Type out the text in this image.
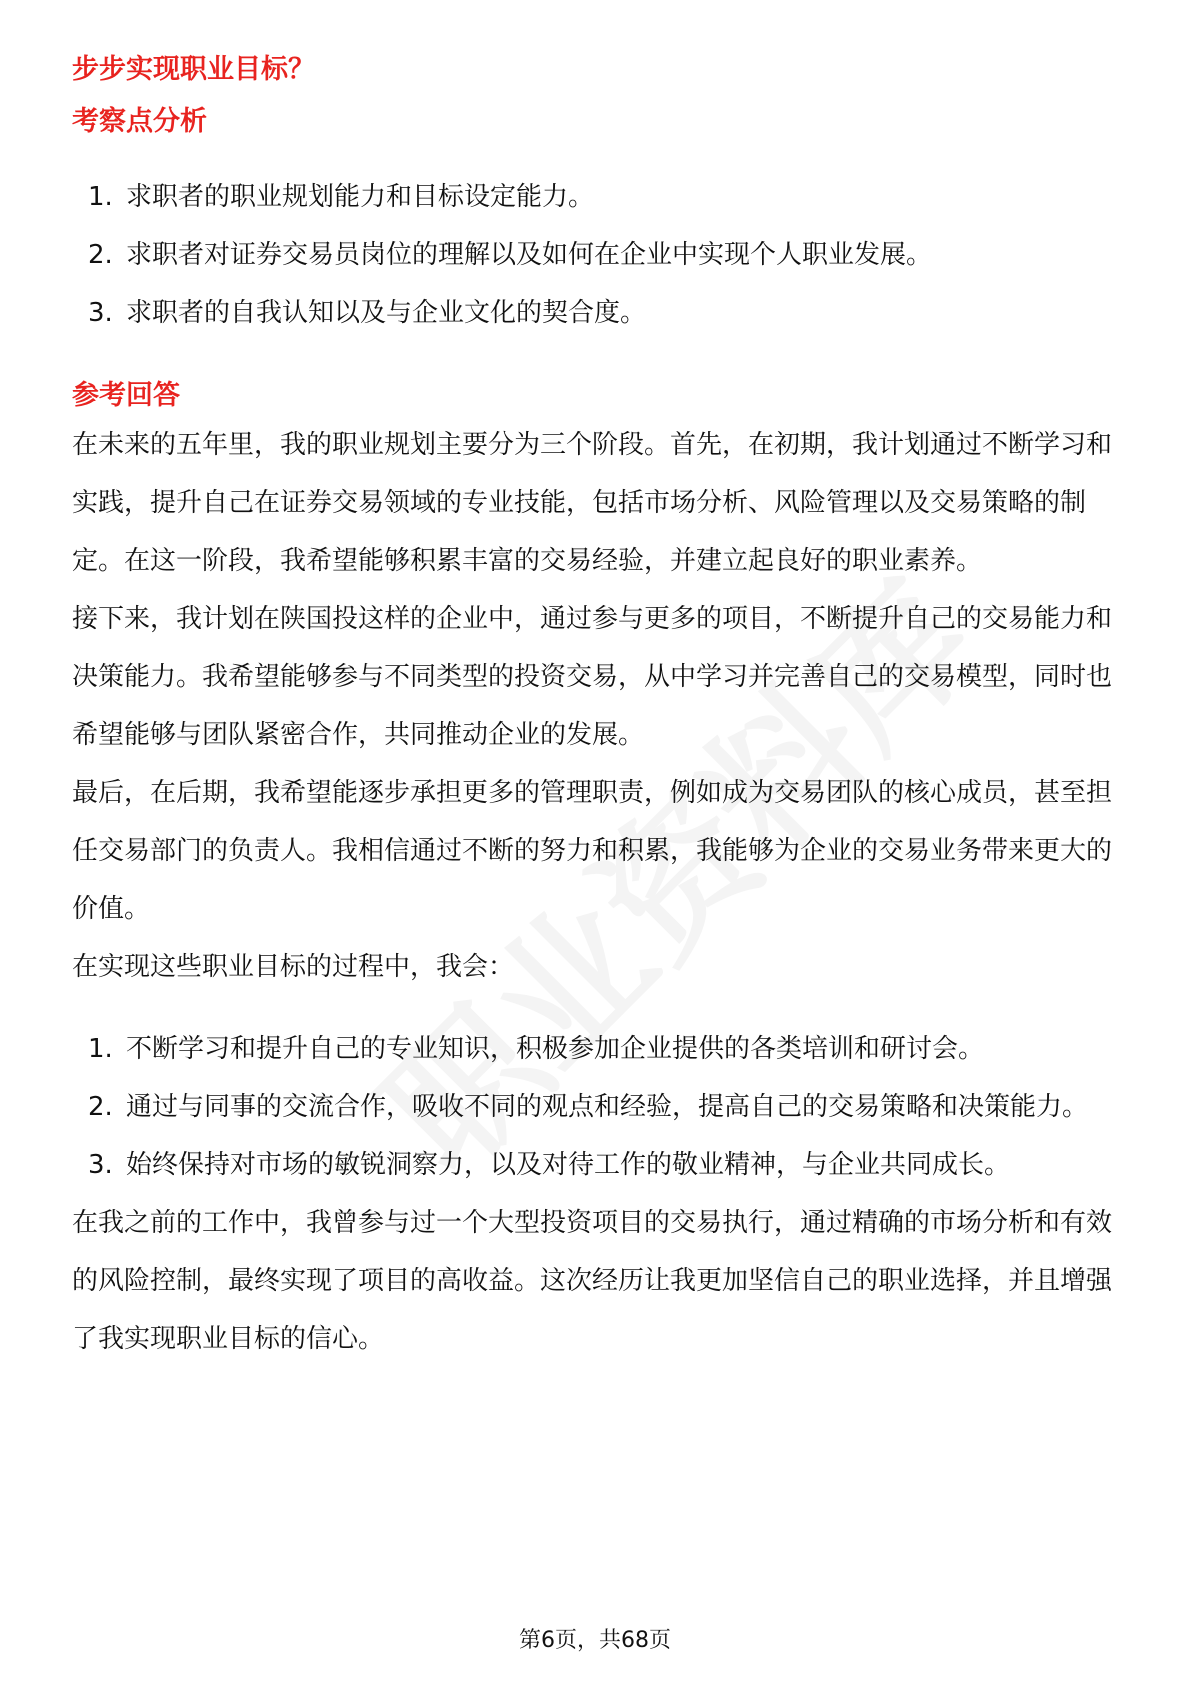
步步实现职业目标？
考察点分析
1. 求职者的职业规划能力和目标设定能力。
2. 求职者对证券交易员岗位的理解以及如何在企业中实现个人职业发展。
3. 求职者的自我认知以及与企业文化的契合度。
参考回答

在未来的五年里，我的职业规划主要分为三个阶段。首先，在初期，我计划通过不断学习和实践，提升自己在证券交易领域的专业技能，包括市场分析、风险管理以及交易策略的制定。在这一阶段，我希望能够积累丰富的交易经验，并建立起良好的职业素养。

接下来，我计划在陕国投这样的企业中，通过参与更多的项目，不断提升自己的交易能力和决策能力。我希望能够参与不同类型的投资交易，从中学习并完善自己的交易模型，同时也希望能够与团队紧密合作，共同推动企业的发展。

最后，在后期，我希望能逐步承担更多的管理职责，例如成为交易团队的核心成员，甚至担任交易部门的负责人。我相信通过不断的努力和积累，我能够为企业的交易业务带来更大的价值。

在实现这些职业目标的过程中，我会：

1. 不断学习和提升自己的专业知识，积极参加企业提供的各类培训和研讨会。
2. 通过与同事的交流合作，吸收不同的观点和经验，提高自己的交易策略和决策能力。
3. 始终保持对市场的敏锐洞察力，以及对待工作的敬业精神，与企业共同成长。

在我之前的工作中，我曾参与过一个大型投资项目的交易执行，通过精确的市场分析和有效的风险控制，最终实现了项目的高收益。这次经历让我更加坚信自己的职业选择，并且增强了我实现职业目标的信心。

第6页，共68页
